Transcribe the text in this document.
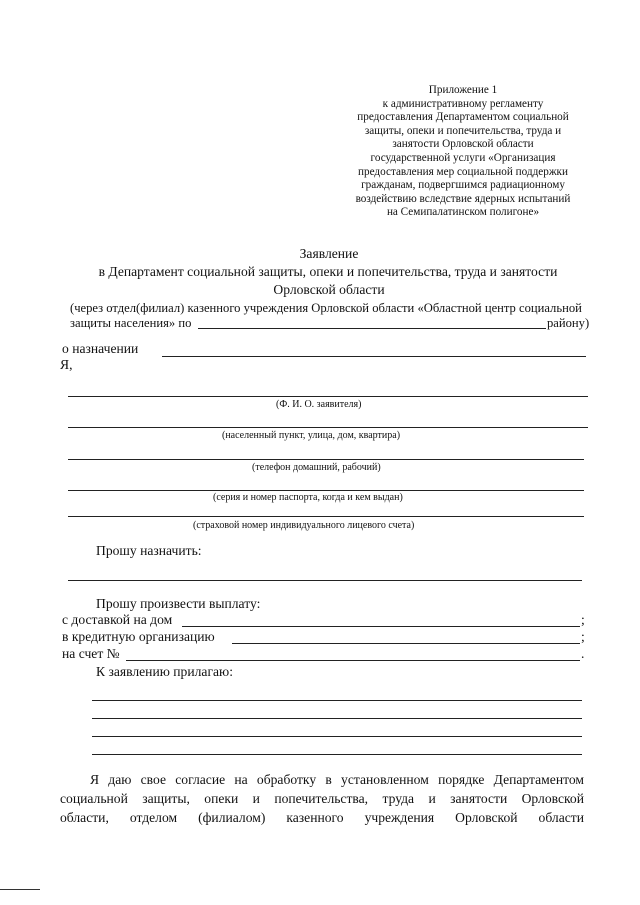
Приложение 1
к административному регламенту
предоставления Департаментом социальной
защиты, опеки и попечительства, труда и
занятости Орловской области
государственной услуги «Организация
предоставления мер социальной поддержки
гражданам, подвергшимся радиационному
воздействию вследствие ядерных испытаний
на Семипалатинском полигоне»
Заявление
в Департамент социальной защиты, опеки и попечительства, труда и занятости
Орловской области
(через отдел(филиал) казенного учреждения Орловской области «Областной центр социальной
защиты населения» по	району)
о назначении
Я,
(Ф. И. О. заявителя)
(населенный пункт, улица, дом, квартира)
(телефон домашний, рабочий)
(серия и номер паспорта, когда и кем выдан)
(страховой номер индивидуального лицевого счета)
Прошу назначить:
Прошу произвести выплату:
с доставкой на дом	;
в кредитную организацию	;
на счет №	.
К заявлению прилагаю:
Я даю свое согласие на обработку в установленном порядке Департаментом
социальной защиты, опеки и попечительства, труда и занятости Орловской
области, отделом (филиалом) казенного учреждения Орловской области
